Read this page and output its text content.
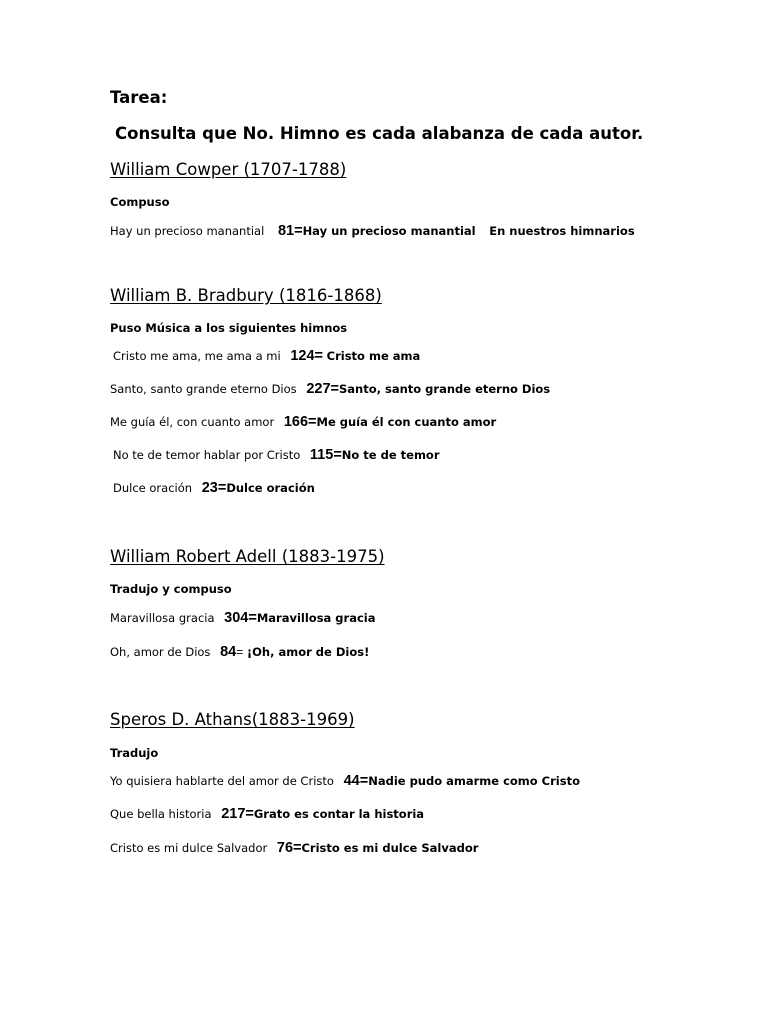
Tarea:
Consulta que No. Himno es cada alabanza de cada autor.
William Cowper (1707-1788)
Compuso
Hay un precioso manantial 81=Hay un precioso manantial En nuestros himnarios
William B. Bradbury (1816-1868)
Puso Música a los siguientes himnos
Cristo me ama, me ama a mi 124= Cristo me ama
Santo, santo grande eterno Dios 227=Santo, santo grande eterno Dios
Me guía él, con cuanto amor 166=Me guía él con cuanto amor
No te de temor hablar por Cristo 115=No te de temor
Dulce oración 23=Dulce oración
William Robert Adell (1883-1975)
Tradujo y compuso
Maravillosa gracia 304=Maravillosa gracia
Oh, amor de Dios 84= ¡Oh, amor de Dios!
Speros D. Athans(1883-1969)
Tradujo
Yo quisiera hablarte del amor de Cristo 44=Nadie pudo amarme como Cristo
Que bella historia 217=Grato es contar la historia
Cristo es mi dulce Salvador 76=Cristo es mi dulce Salvador
